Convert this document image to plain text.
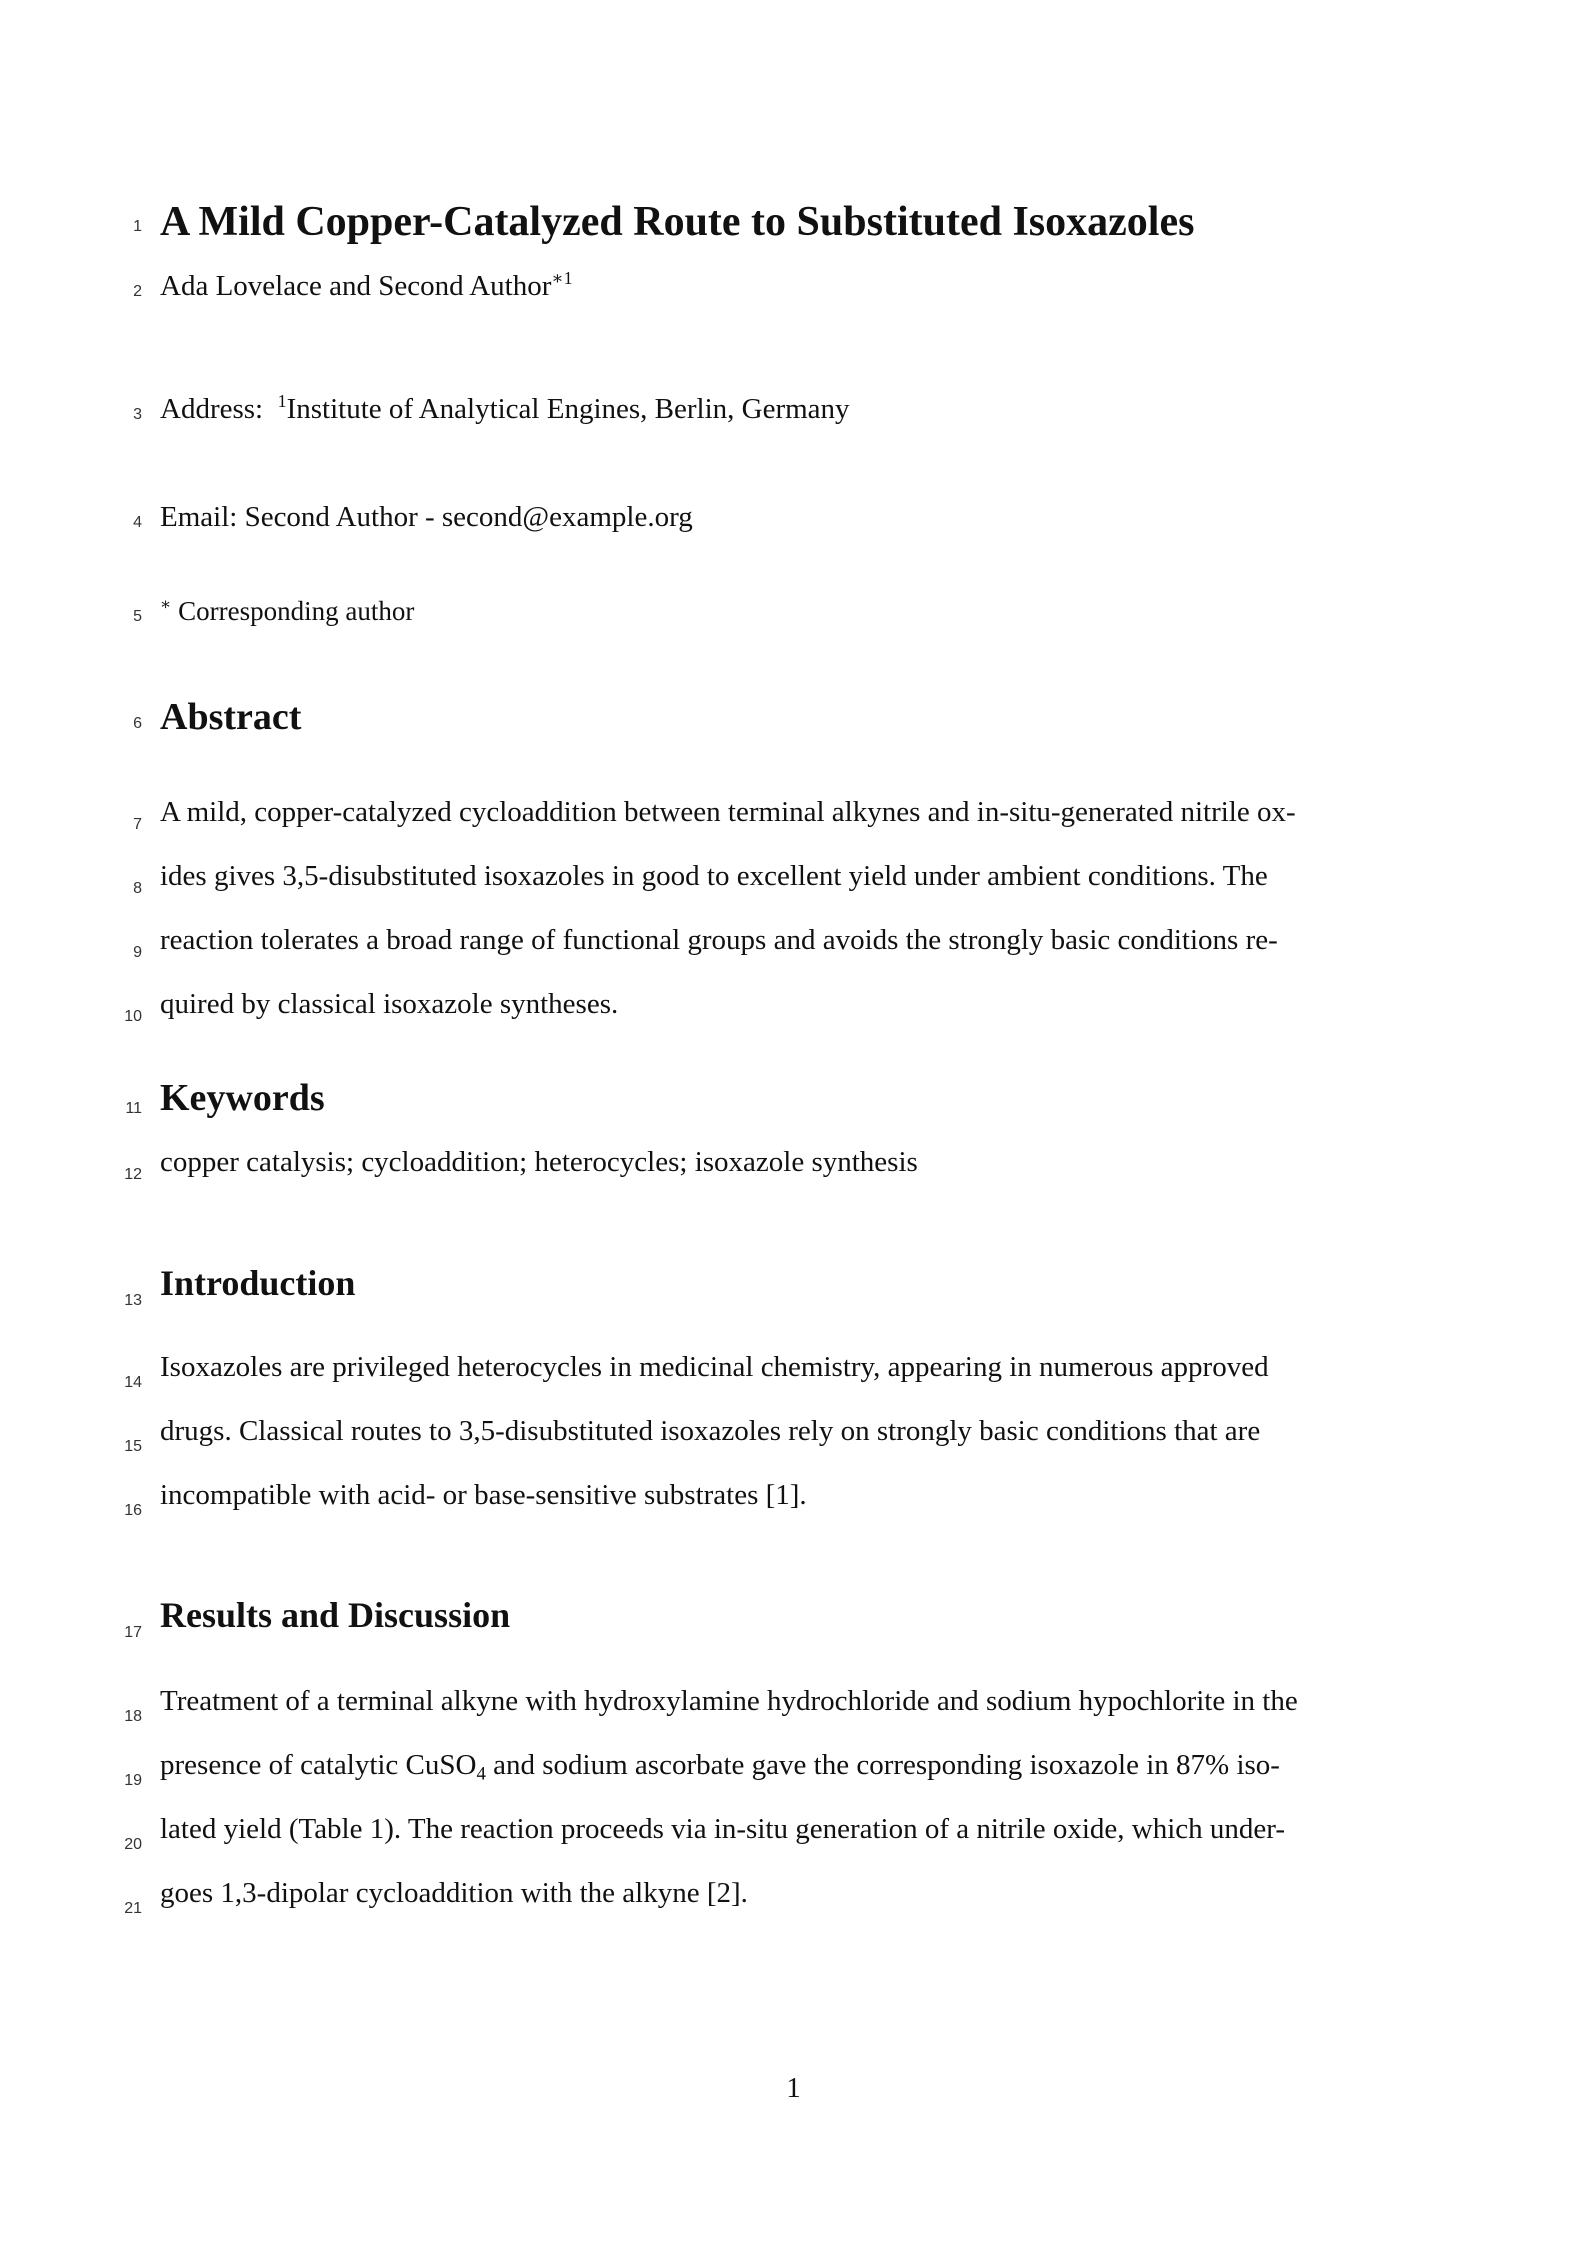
1 A Mild Copper-Catalyzed Route to Substituted Isoxazoles
2 Ada Lovelace and Second Author$^{∗1}$
3 Address: $^1$Institute of Analytical Engines, Berlin, Germany
4 Email: Second Author - second@example.org
5
∗ Corresponding author
6 Abstract
7 A mild, copper-catalyzed cycloaddition between terminal alkynes and in-situ-generated nitrile ox-
8 ides gives 3,5-disubstituted isoxazoles in good to excellent yield under ambient conditions. The
9 reaction tolerates a broad range of functional groups and avoids the strongly basic conditions re-
10 quired by classical isoxazole syntheses.
11 Keywords
12 copper catalysis; cycloaddition; heterocycles; isoxazole synthesis
13 Introduction
14 Isoxazoles are privileged heterocycles in medicinal chemistry, appearing in numerous approved
15 drugs. Classical routes to 3,5-disubstituted isoxazoles rely on strongly basic conditions that are
16 incompatible with acid- or base-sensitive substrates [1].
17 Results and Discussion
18 Treatment of a terminal alkyne with hydroxylamine hydrochloride and sodium hypochlorite in the
19 presence of catalytic CuSO$_4$ and sodium ascorbate gave the corresponding isoxazole in 87% iso-
20 lated yield (Table 1). The reaction proceeds via in-situ generation of a nitrile oxide, which under-
21 goes 1,3-dipolar cycloaddition with the alkyne [2].
1
